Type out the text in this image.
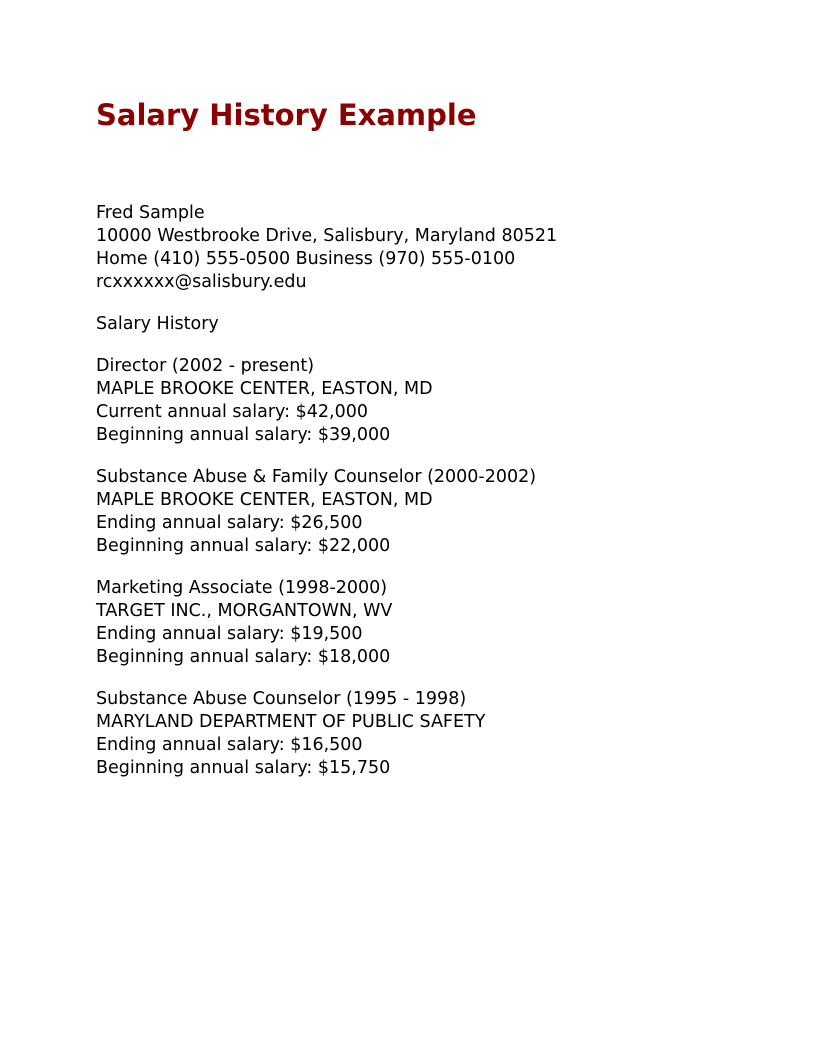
Salary History Example
Fred Sample
10000 Westbrooke Drive, Salisbury, Maryland 80521
Home (410) 555-0500 Business (970) 555-0100
rcxxxxxx@salisbury.edu
Salary History
Director (2002 - present)
MAPLE BROOKE CENTER, EASTON, MD
Current annual salary: $42,000
Beginning annual salary: $39,000
Substance Abuse & Family Counselor (2000-2002)
MAPLE BROOKE CENTER, EASTON, MD
Ending annual salary: $26,500
Beginning annual salary: $22,000
Marketing Associate (1998-2000)
TARGET INC., MORGANTOWN, WV
Ending annual salary: $19,500
Beginning annual salary: $18,000
Substance Abuse Counselor (1995 - 1998)
MARYLAND DEPARTMENT OF PUBLIC SAFETY
Ending annual salary: $16,500
Beginning annual salary: $15,750
